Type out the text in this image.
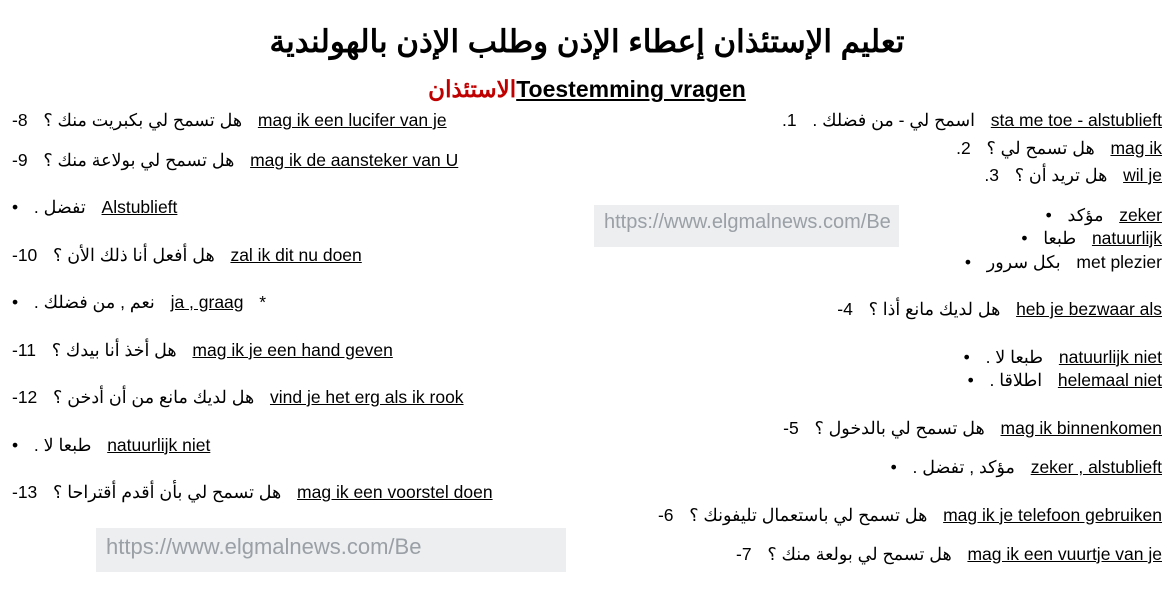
تعليم الإستئذان إعطاء الإذن وطلب الإذن بالهولندية
Toestemming vragenالاستئذان
sta me toe - alstublieft  اسمح لي - من فضلك .  1.
mag ik  هل تسمح لي ؟  2.
wil je  هل تريد أن ؟  3.
zeker  مؤكد  •
natuurlijk  طبعا  •
met plezier  بكل سرور  •
heb je bezwaar als  هل لديك مانع أذا ؟  4-
natuurlijk niet  طبعا لا .  •
helemaal niet  اطلاقا .  •
mag ik binnenkomen  هل تسمح لي بالدخول ؟  5-
zeker , alstublieft  مؤكد , تفضل .  •
mag ik je telefoon gebruiken  هل تسمح لي باستعمال تليفونك ؟  6-
mag ik een vuurtje van je  هل تسمح لي بولعة منك ؟  7-
mag ik een lucifer van je  هل تسمح لي بكبريت منك ؟  8-
mag ik de aansteker van U  هل تسمح لي بولاعة منك ؟  9-
Alstublieft  تفضل .  •
zal ik dit nu doen  هل أفعل أنا ذلك الأن ؟  10-
*  ja , graag  نعم , من فضلك .  •
mag ik je een hand geven  هل أخذ أنا بيدك ؟  11-
vind je het erg als ik rook  هل لديك مانع من أن أدخن ؟  12-
natuurlijk niet  طبعا لا .  •
mag ik een voorstel doen  هل تسمح لي بأن أقدم أقتراحا ؟  13-
https://www.elgmalnews.com/Be
https://www.elgmalnews.com/Be
